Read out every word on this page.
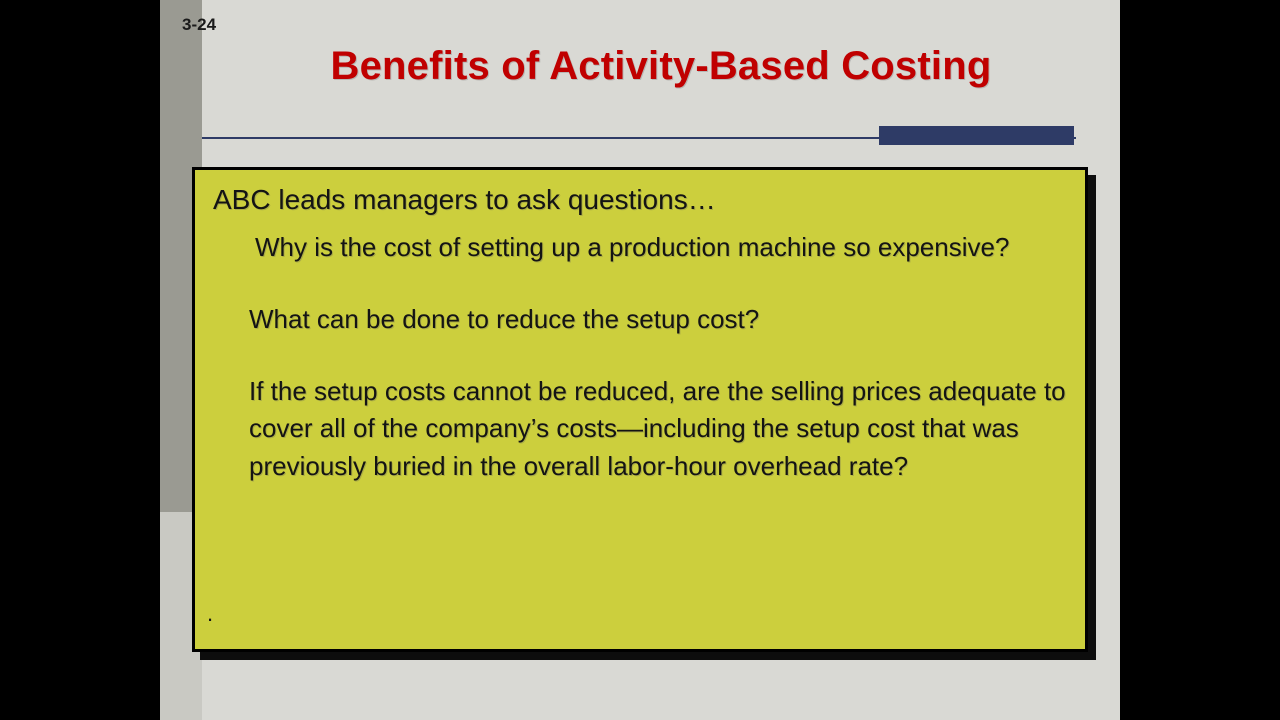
3-24
Benefits of Activity-Based Costing
ABC leads managers to ask questions…
Why is the cost of setting up a production machine so expensive?
What can be done to reduce the setup cost?
If the setup costs cannot be reduced, are the selling prices adequate to cover all of the company’s costs—including the setup cost that was previously buried in the overall labor-hour overhead rate?
.
